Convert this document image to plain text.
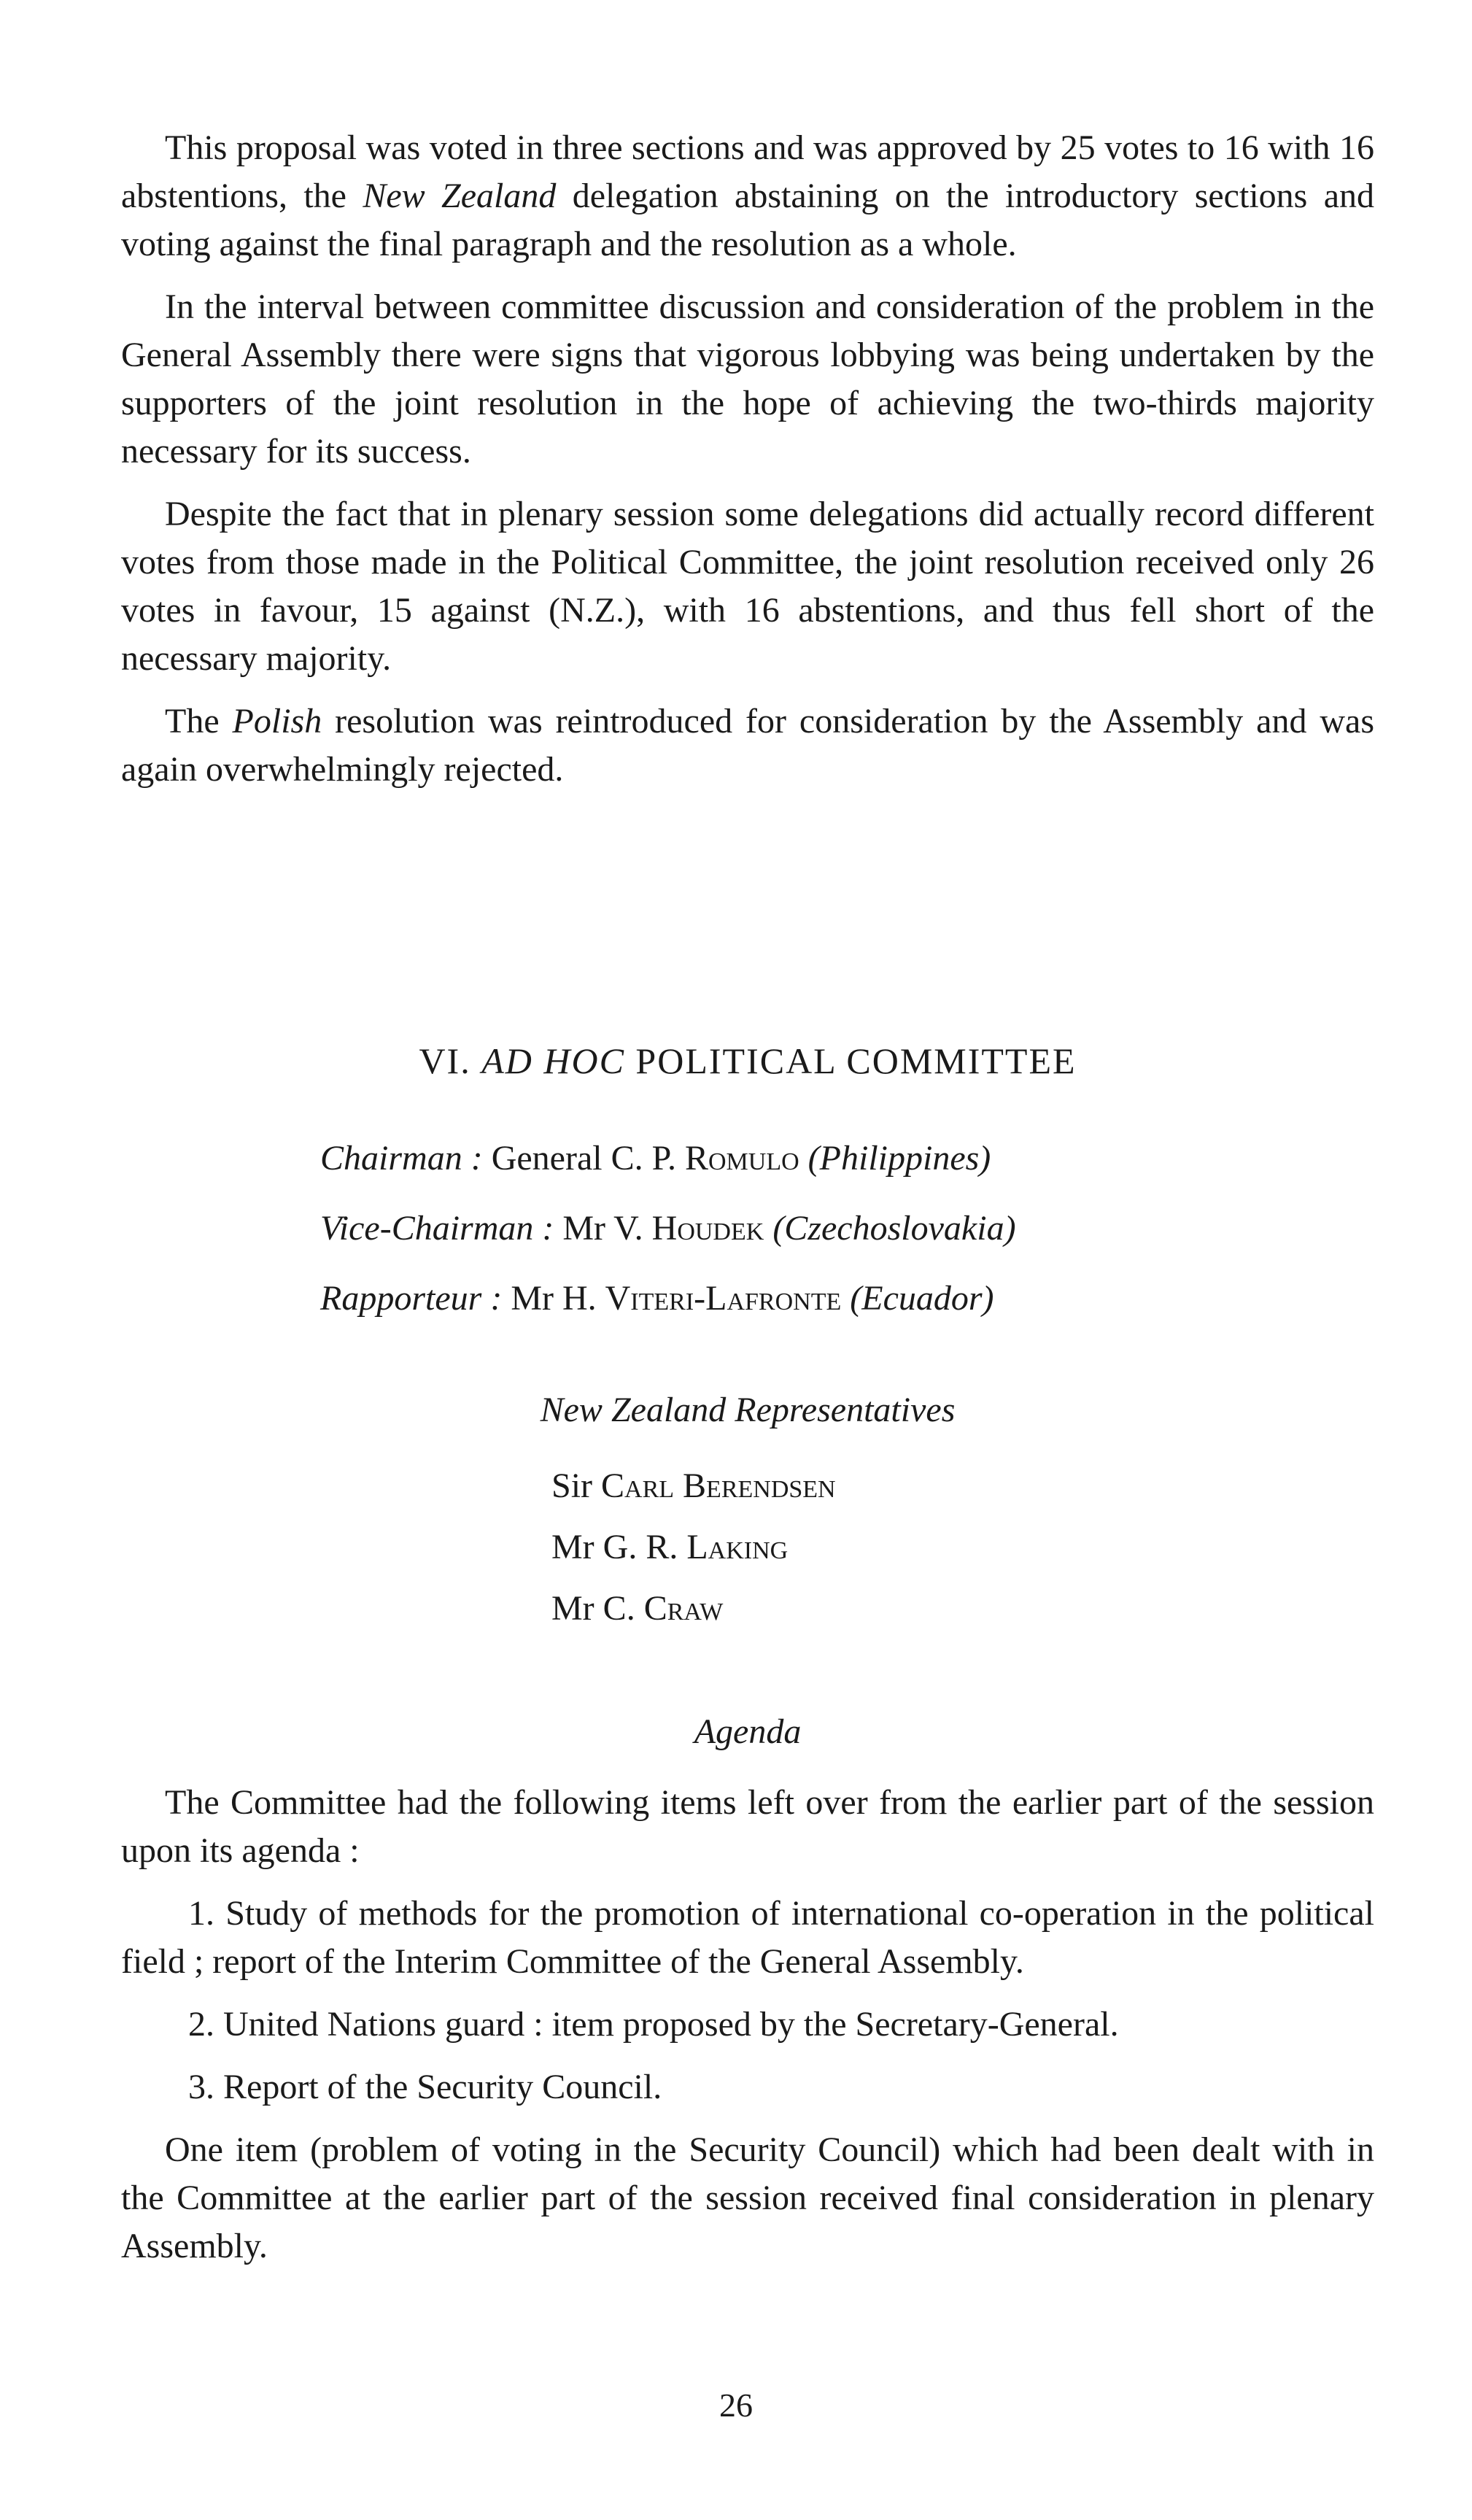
This proposal was voted in three sections and was approved by 25 votes to 16 with 16 abstentions, the New Zealand delegation abstaining on the introductory sections and voting against the final paragraph and the resolution as a whole.

In the interval between committee discussion and consideration of the problem in the General Assembly there were signs that vigorous lobbying was being undertaken by the supporters of the joint resolution in the hope of achieving the two-thirds majority necessary for its success.

Despite the fact that in plenary session some delegations did actually record different votes from those made in the Political Committee, the joint resolution received only 26 votes in favour, 15 against (N.Z.), with 16 abstentions, and thus fell short of the necessary majority.

The Polish resolution was reintroduced for consideration by the Assembly and was again overwhelmingly rejected.

VI. AD HOC POLITICAL COMMITTEE
Chairman : General C. P. Romulo (Philippines)
Vice-Chairman : Mr V. Houdek (Czechoslovakia)
Rapporteur : Mr H. Viteri-Lafronte (Ecuador)
New Zealand Representatives
Sir Carl Berendsen
Mr G. R. Laking
Mr C. Craw
Agenda

The Committee had the following items left over from the earlier part of the session upon its agenda :

1. Study of methods for the promotion of international co-operation in the political field ; report of the Interim Committee of the General Assembly.
2. United Nations guard : item proposed by the Secretary-General.
3. Report of the Security Council.

One item (problem of voting in the Security Council) which had been dealt with in the Committee at the earlier part of the session received final consideration in plenary Assembly.

26
